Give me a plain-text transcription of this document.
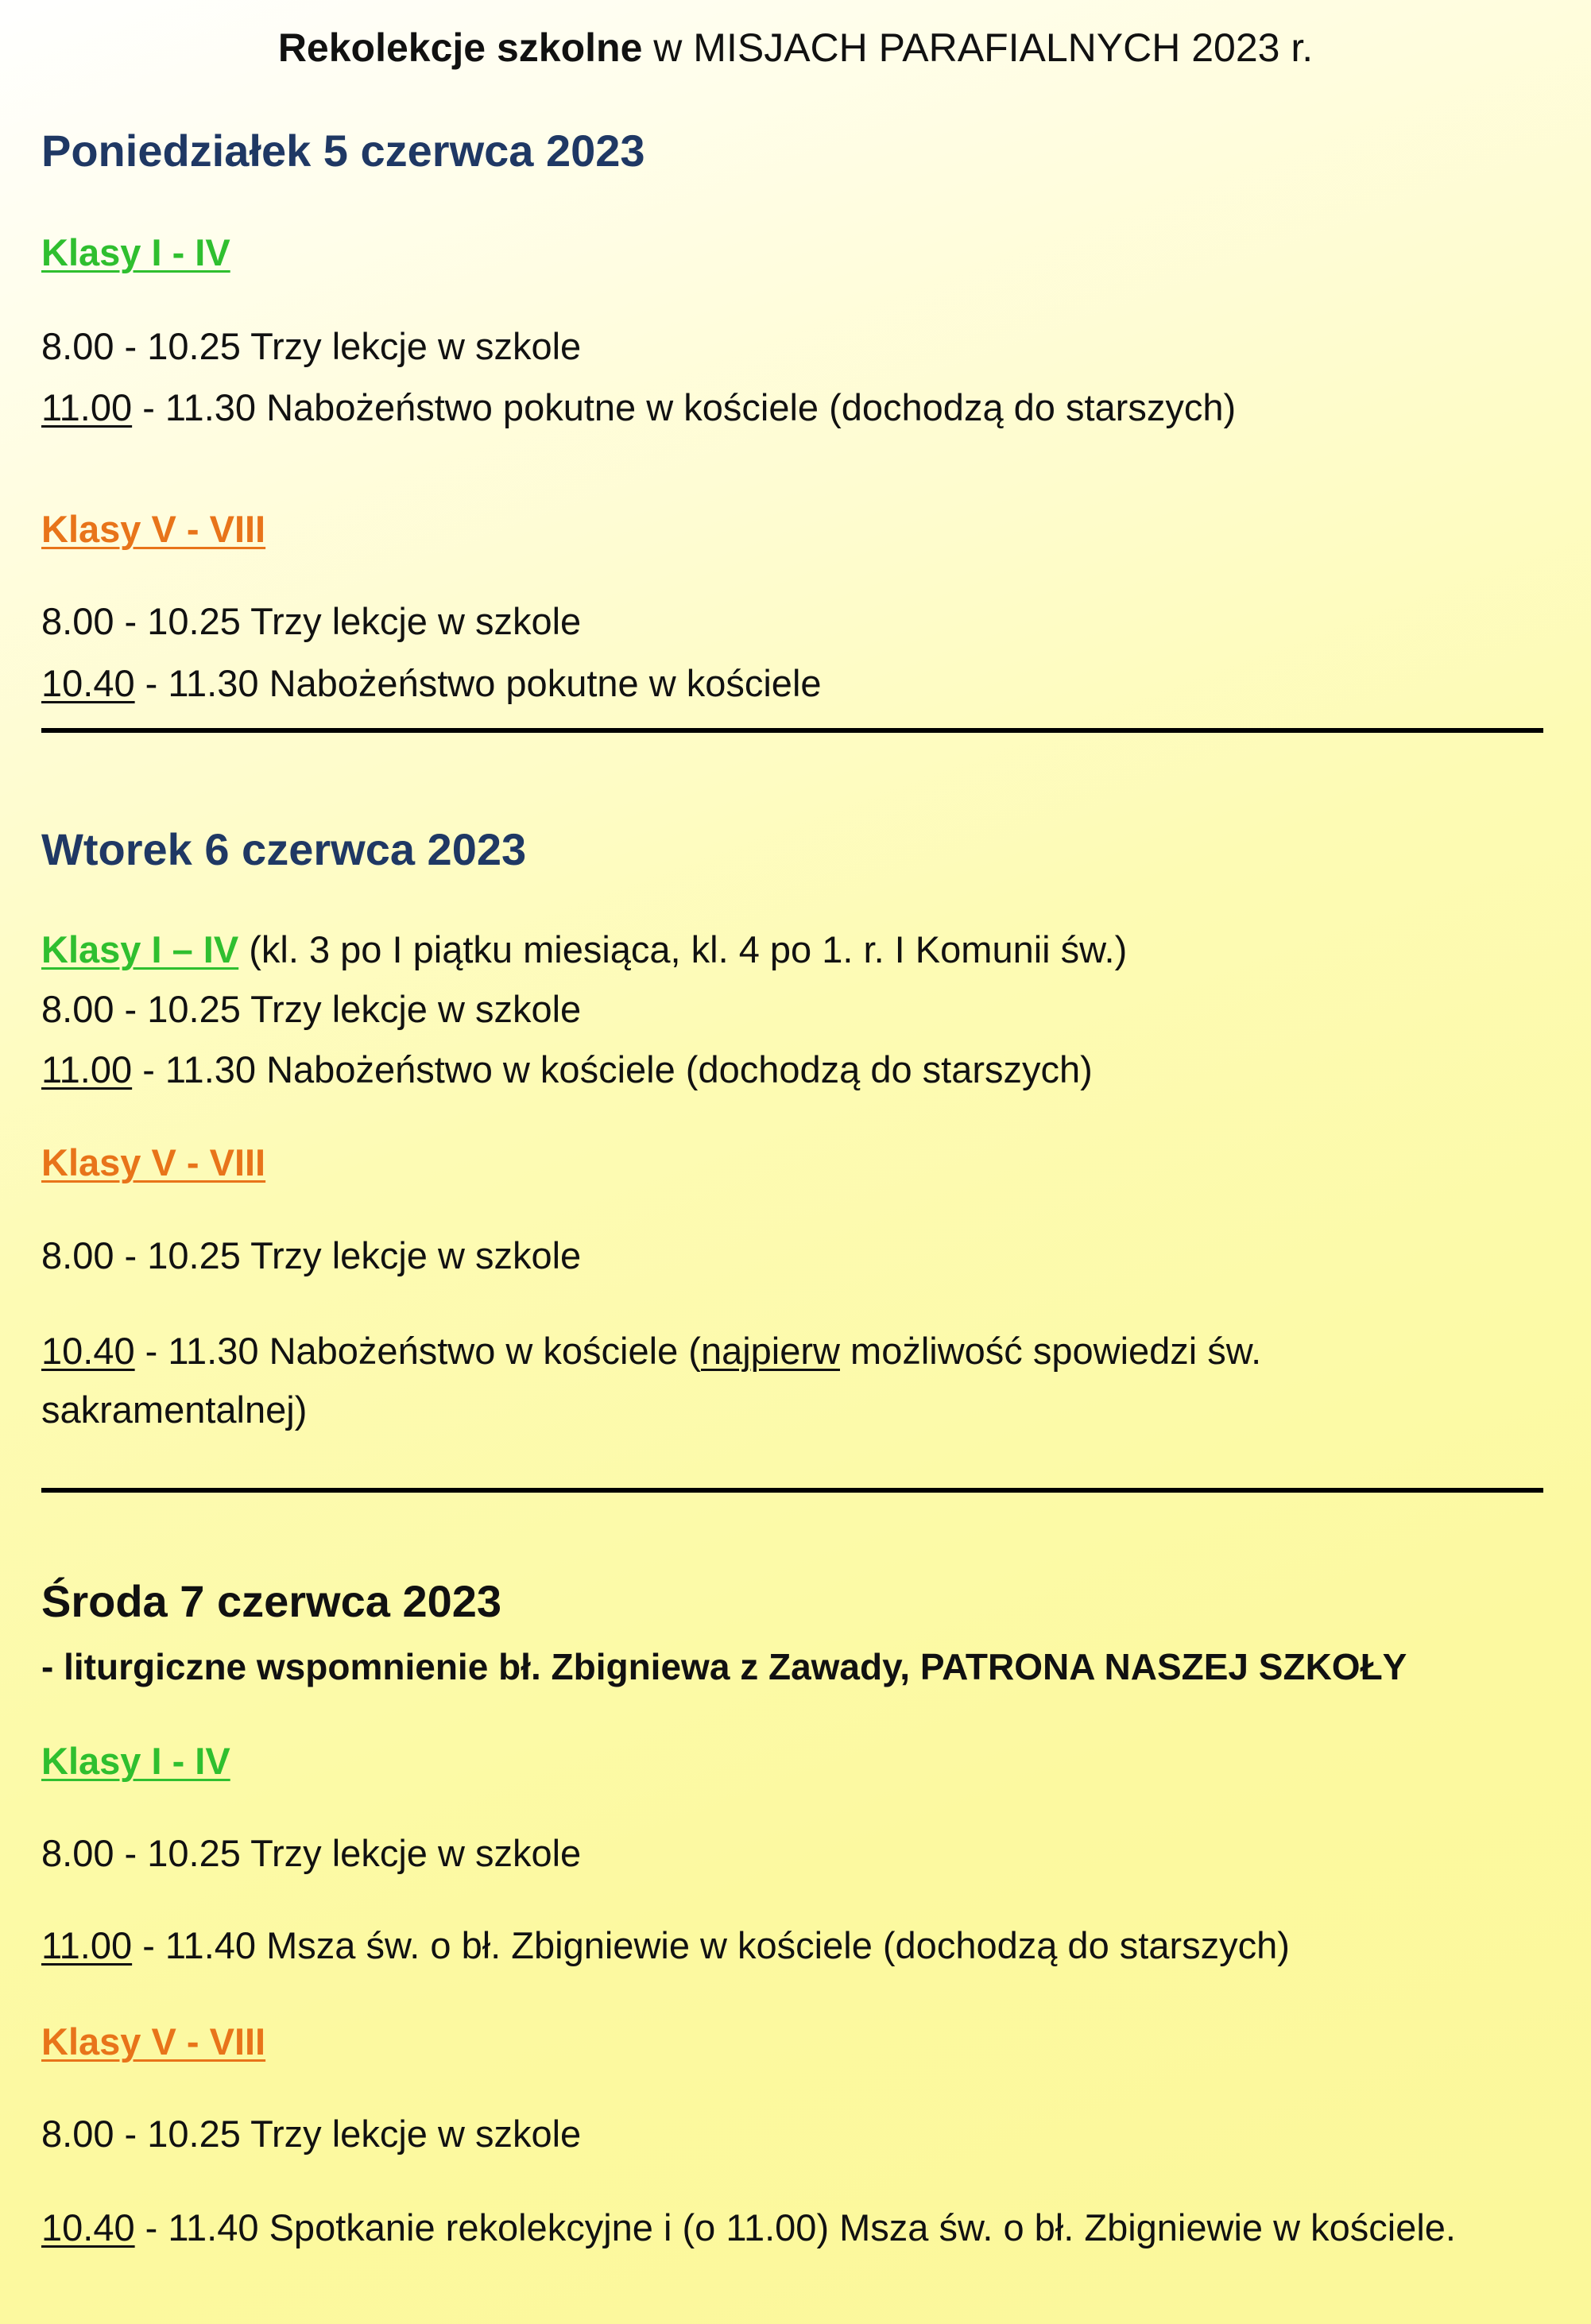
Rekolekcje szkolne w MISJACH PARAFIALNYCH 2023 r.
Poniedziałek 5 czerwca 2023
Klasy I - IV
8.00 - 10.25 Trzy lekcje w szkole
11.00 - 11.30 Nabożeństwo pokutne w kościele (dochodzą do starszych)
Klasy V - VIII
8.00 - 10.25 Trzy lekcje w szkole
10.40 - 11.30 Nabożeństwo pokutne w kościele
Wtorek 6 czerwca 2023
Klasy I – IV (kl. 3 po I piątku miesiąca, kl. 4 po 1. r. I Komunii św.)
8.00 - 10.25 Trzy lekcje w szkole
11.00 - 11.30 Nabożeństwo w kościele (dochodzą do starszych)
Klasy V - VIII
8.00 - 10.25 Trzy lekcje w szkole
10.40 - 11.30 Nabożeństwo w kościele (najpierw możliwość spowiedzi św.
sakramentalnej)
Środa 7 czerwca 2023
- liturgiczne wspomnienie bł. Zbigniewa z Zawady, PATRONA NASZEJ SZKOŁY
Klasy I - IV
8.00 - 10.25 Trzy lekcje w szkole
11.00 - 11.40 Msza św. o bł. Zbigniewie w kościele (dochodzą do starszych)
Klasy V - VIII
8.00 - 10.25 Trzy lekcje w szkole
10.40 - 11.40 Spotkanie rekolekcyjne i (o 11.00) Msza św. o bł. Zbigniewie w kościele.
